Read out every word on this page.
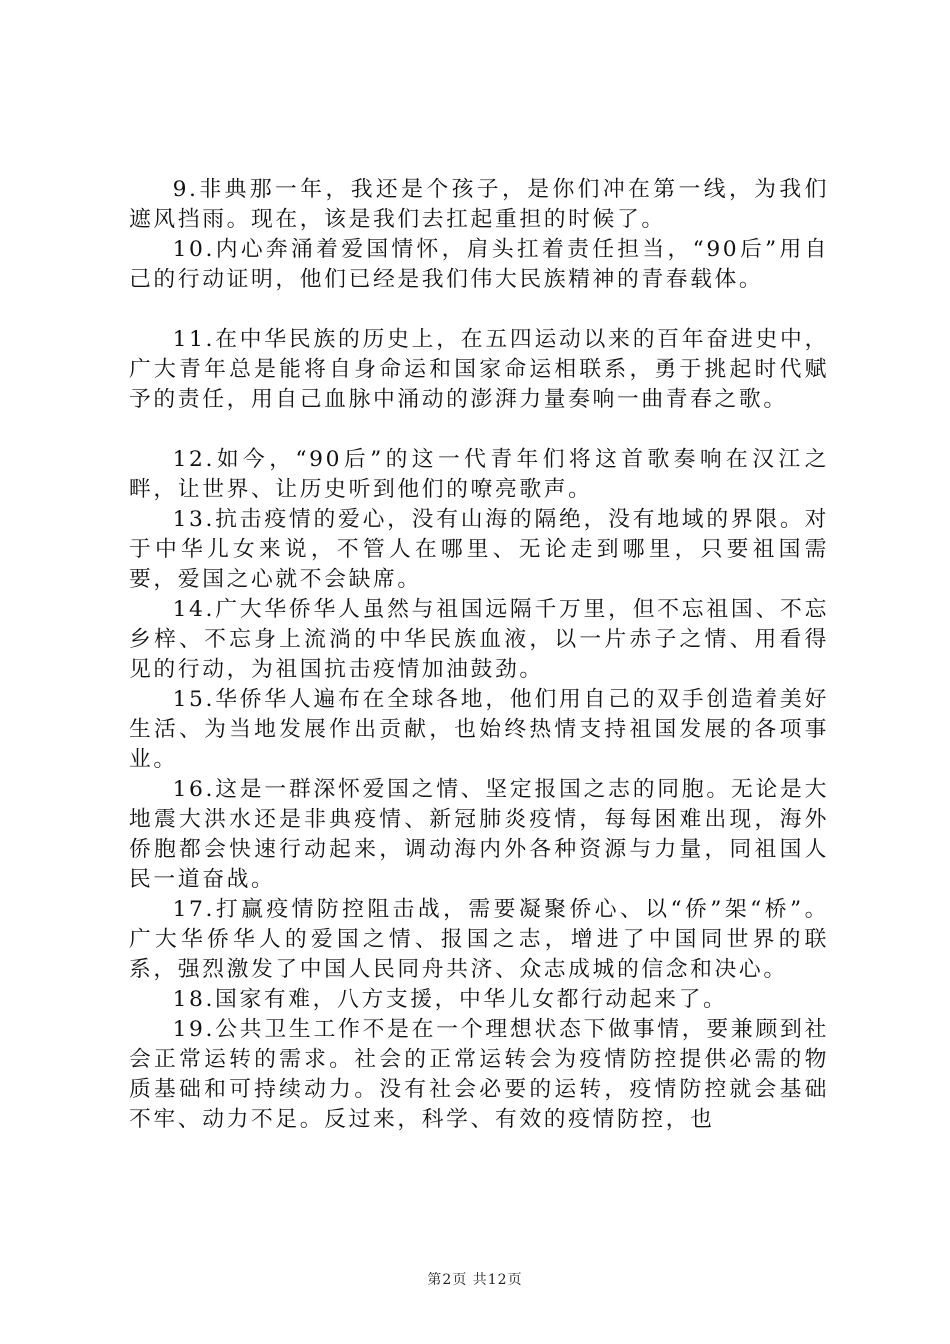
9.非典那一年，我还是个孩子，是你们冲在第一线，为我们遮风挡雨。现在，该是我们去扛起重担的时候了。

10.内心奔涌着爱国情怀，肩头扛着责任担当，“90后”用自己的行动证明，他们已经是我们伟大民族精神的青春载体。

11.在中华民族的历史上，在五四运动以来的百年奋进史中，广大青年总是能将自身命运和国家命运相联系，勇于挑起时代赋予的责任，用自己血脉中涌动的澎湃力量奏响一曲青春之歌。

12.如今，“90后”的这一代青年们将这首歌奏响在汉江之畔，让世界、让历史听到他们的嘹亮歌声。

13.抗击疫情的爱心，没有山海的隔绝，没有地域的界限。对于中华儿女来说，不管人在哪里、无论走到哪里，只要祖国需要，爱国之心就不会缺席。

14.广大华侨华人虽然与祖国远隔千万里，但不忘祖国、不忘乡梓、不忘身上流淌的中华民族血液，以一片赤子之情、用看得见的行动，为祖国抗击疫情加油鼓劲。

15.华侨华人遍布在全球各地，他们用自己的双手创造着美好生活、为当地发展作出贡献，也始终热情支持祖国发展的各项事业。

16.这是一群深怀爱国之情、坚定报国之志的同胞。无论是大地震大洪水还是非典疫情、新冠肺炎疫情，每每困难出现，海外侨胞都会快速行动起来，调动海内外各种资源与力量，同祖国人民一道奋战。

17.打赢疫情防控阻击战，需要凝聚侨心、以“侨”架“桥”。广大华侨华人的爱国之情、报国之志，增进了中国同世界的联系，强烈激发了中国人民同舟共济、众志成城的信念和决心。

18.国家有难，八方支援，中华儿女都行动起来了。

19.公共卫生工作不是在一个理想状态下做事情，要兼顾到社会正常运转的需求。社会的正常运转会为疫情防控提供必需的物质基础和可持续动力。没有社会必要的运转，疫情防控就会基础不牢、动力不足。反过来，科学、有效的疫情防控，也

第2页 共12页
